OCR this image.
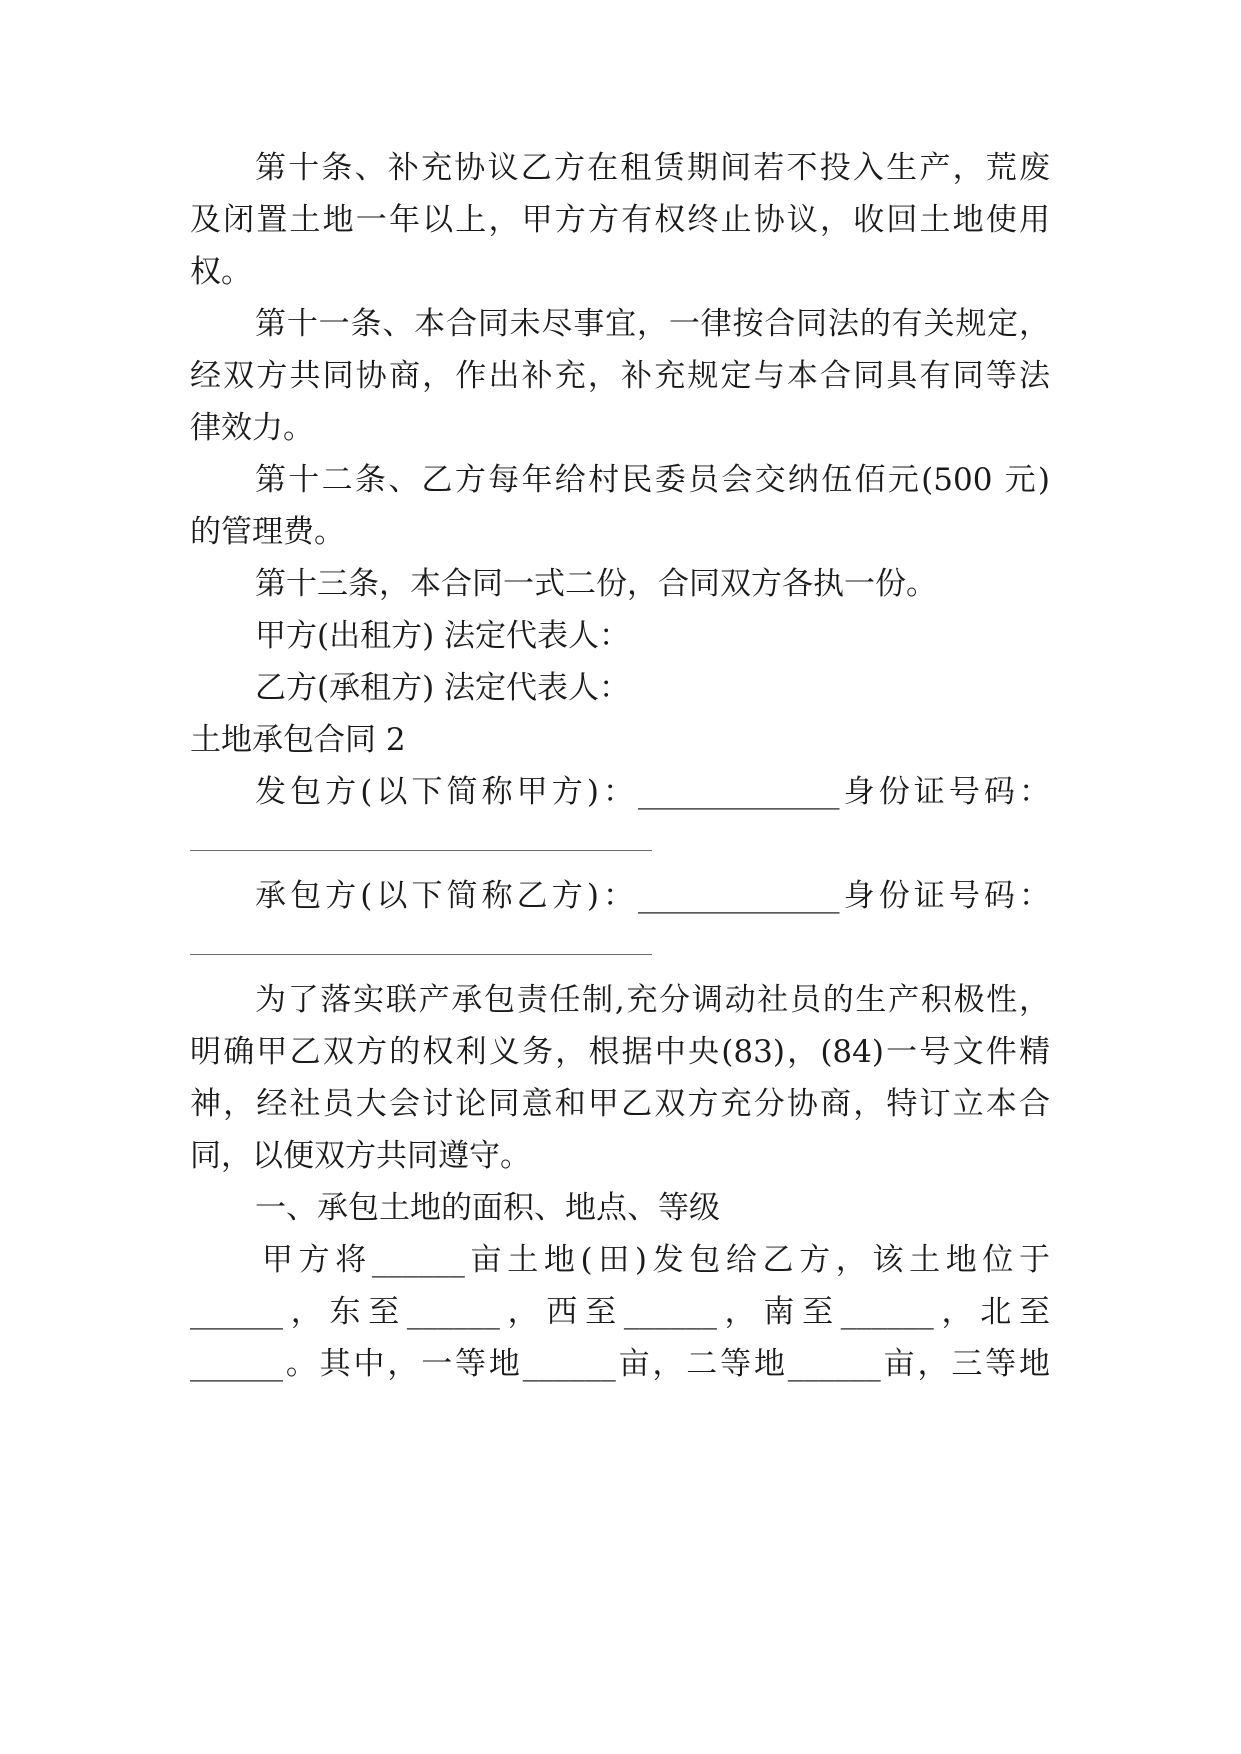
第十条、补充协议乙方在租赁期间若不投入生产，荒废
及闭置土地一年以上，甲方方有权终止协议，收回土地使用
权。
第十一条、本合同未尽事宜，一律按合同法的有关规定，
经双方共同协商，作出补充，补充规定与本合同具有同等法
律效力。
第十二条、乙方每年给村民委员会交纳伍佰元(500 元)
的管理费。
第十三条，本合同一式二份，合同双方各执一份。
甲方(出租方) 法定代表人：
乙方(承租方) 法定代表人：
土地承包合同 2
发包方(以下简称甲方)：_____________身份证号码：
承包方(以下简称乙方)：_____________身份证号码：
为了落实联产承包责任制,充分调动社员的生产积极性，
明确甲乙双方的权利义务，根据中央(83)，(84)一号文件精
神，经社员大会讨论同意和甲乙双方充分协商，特订立本合
同，以便双方共同遵守。
一、承包土地的面积、地点、等级
甲方将______亩土地(田)发包给乙方，该土地位于
______，东至______，西至______，南至______，北至
______。其中，一等地______亩，二等地______亩，三等地
